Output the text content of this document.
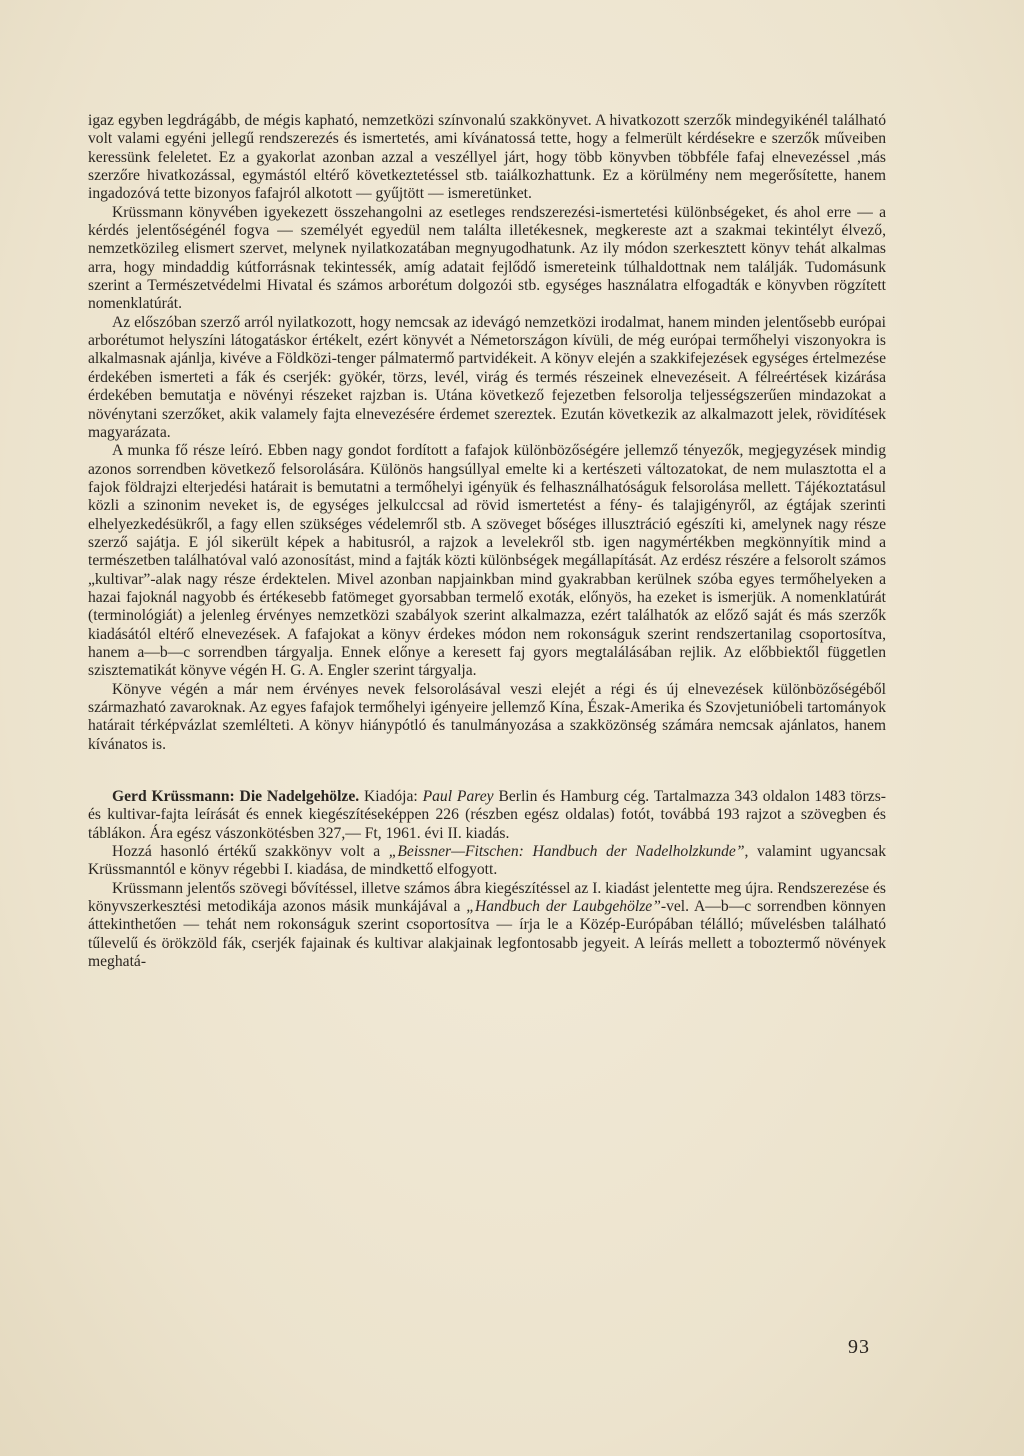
igaz egyben legdrágább, de mégis kapható, nemzetközi színvonalú szakkönyvet. A hivatkozott szerzők mindegyikénél található volt valami egyéni jellegű rendszerezés és ismertetés, ami kívánatossá tette, hogy a felmerült kérdésekre e szerzők műveiben keressünk feleletet. Ez a gyakorlat azonban azzal a veszéllyel járt, hogy több könyvben többféle fafaj elnevezéssel ,más szerzőre hivatkozással, egymástól eltérő következtetéssel stb. taiálkozhattunk. Ez a körülmény nem megerősítette, hanem ingadozóvá tette bizonyos fafajról alkotott — gyűjtött — ismeretünket.

Krüssmann könyvében igyekezett összehangolni az esetleges rendszerezési-ismertetési különbségeket, és ahol erre — a kérdés jelentőségénél fogva — személyét egyedül nem találta illetékesnek, megkereste azt a szakmai tekintélyt élvező, nemzetközileg elismert szervet, melynek nyilatkozatában megnyugodhatunk. Az ily módon szerkesztett könyv tehát alkalmas arra, hogy mindaddig kútforrásnak tekintessék, amíg adatait fejlődő ismereteink túlhaldottnak nem találják. Tudomásunk szerint a Természetvédelmi Hivatal és számos arborétum dolgozói stb. egységes használatra elfogadták e könyvben rögzített nomenklatúrát.

Az előszóban szerző arról nyilatkozott, hogy nemcsak az idevágó nemzetközi irodalmat, hanem minden jelentősebb európai arborétumot helyszíni látogatáskor értékelt, ezért könyvét a Németországon kívüli, de még európai termőhelyi viszonyokra is alkalmasnak ajánlja, kivéve a Földközi-tenger pálmatermő partvidékeit. A könyv elején a szakkifejezések egységes értelmezése érdekében ismerteti a fák és cserjék: gyökér, törzs, levél, virág és termés részeinek elnevezéseit. A félreértések kizárása érdekében bemutatja e növényi részeket rajzban is. Utána következő fejezetben felsorolja teljességszerűen mindazokat a növénytani szerzőket, akik valamely fajta elnevezésére érdemet szereztek. Ezután következik az alkalmazott jelek, rövidítések magyarázata.

A munka fő része leíró. Ebben nagy gondot fordított a fafajok különbözőségére jellemző tényezők, megjegyzések mindig azonos sorrendben következő felsorolására. Különös hangsúllyal emelte ki a kertészeti változatokat, de nem mulasztotta el a fajok földrajzi elterjedési határait is bemutatni a termőhelyi igényük és felhasználhatóságuk felsorolása mellett. Tájékoztatásul közli a szinonim neveket is, de egységes jelkulccsal ad rövid ismertetést a fény- és talajigényről, az égtájak szerinti elhelyezkedésükről, a fagy ellen szükséges védelemről stb. A szöveget bőséges illusztráció egészíti ki, amelynek nagy része szerző sajátja. E jól sikerült képek a habitusról, a rajzok a levelekről stb. igen nagymértékben megkönnyítik mind a természetben találhatóval való azonosítást, mind a fajták közti különbségek megállapítását. Az erdész részére a felsorolt számos „kultivar”-alak nagy része érdektelen. Mivel azonban napjainkban mind gyakrabban kerülnek szóba egyes termőhelyeken a hazai fajoknál nagyobb és értékesebb fatömeget gyorsabban termelő exoták, előnyös, ha ezeket is ismerjük. A nomenklatúrát (terminológiát) a jelenleg érvényes nemzetközi szabályok szerint alkalmazza, ezért találhatók az előző saját és más szerzők kiadásától eltérő elnevezések. A fafajokat a könyv érdekes módon nem rokonságuk szerint rendszertanilag csoportosítva, hanem a—b—c sorrendben tárgyalja. Ennek előnye a keresett faj gyors megtalálásában rejlik. Az előbbiektől független szisztematikát könyve végén H. G. A. Engler szerint tárgyalja.

Könyve végén a már nem érvényes nevek felsorolásával veszi elejét a régi és új elnevezések különbözőségéből származható zavaroknak. Az egyes fafajok termőhelyi igényeire jellemző Kína, Észak-Amerika és Szovjetunióbeli tartományok határait térképvázlat szemlélteti. A könyv hiánypótló és tanulmányozása a szakközönség számára nemcsak ajánlatos, hanem kívánatos is.

Gerd Krüssmann: Die Nadelgehölze. Kiadója: Paul Parey Berlin és Hamburg cég. Tartalmazza 343 oldalon 1483 törzs- és kultivar-fajta leírását és ennek kiegészítéseképpen 226 (részben egész oldalas) fotót, továbbá 193 rajzot a szövegben és táblákon. Ára egész vászonkötésben 327,— Ft, 1961. évi II. kiadás.

Hozzá hasonló értékű szakkönyv volt a „Beissner—Fitschen: Handbuch der Nadelholzkunde”, valamint ugyancsak Krüssmanntól e könyv régebbi I. kiadása, de mindkettő elfogyott.

Krüssmann jelentős szövegi bővítéssel, illetve számos ábra kiegészítéssel az I. kiadást jelentette meg újra. Rendszerezése és könyvszerkesztési metodikája azonos másik munkájával a „Handbuch der Laubgehölze”-vel. A—b—c sorrendben könnyen áttekinthetően — tehát nem rokonságuk szerint csoportosítva — írja le a Közép-Európában télálló; művelésben található tűlevelű és örökzöld fák, cserjék fajainak és kultivar alakjainak legfontosabb jegyeit. A leírás mellett a toboztermő növények meghatá-

93
